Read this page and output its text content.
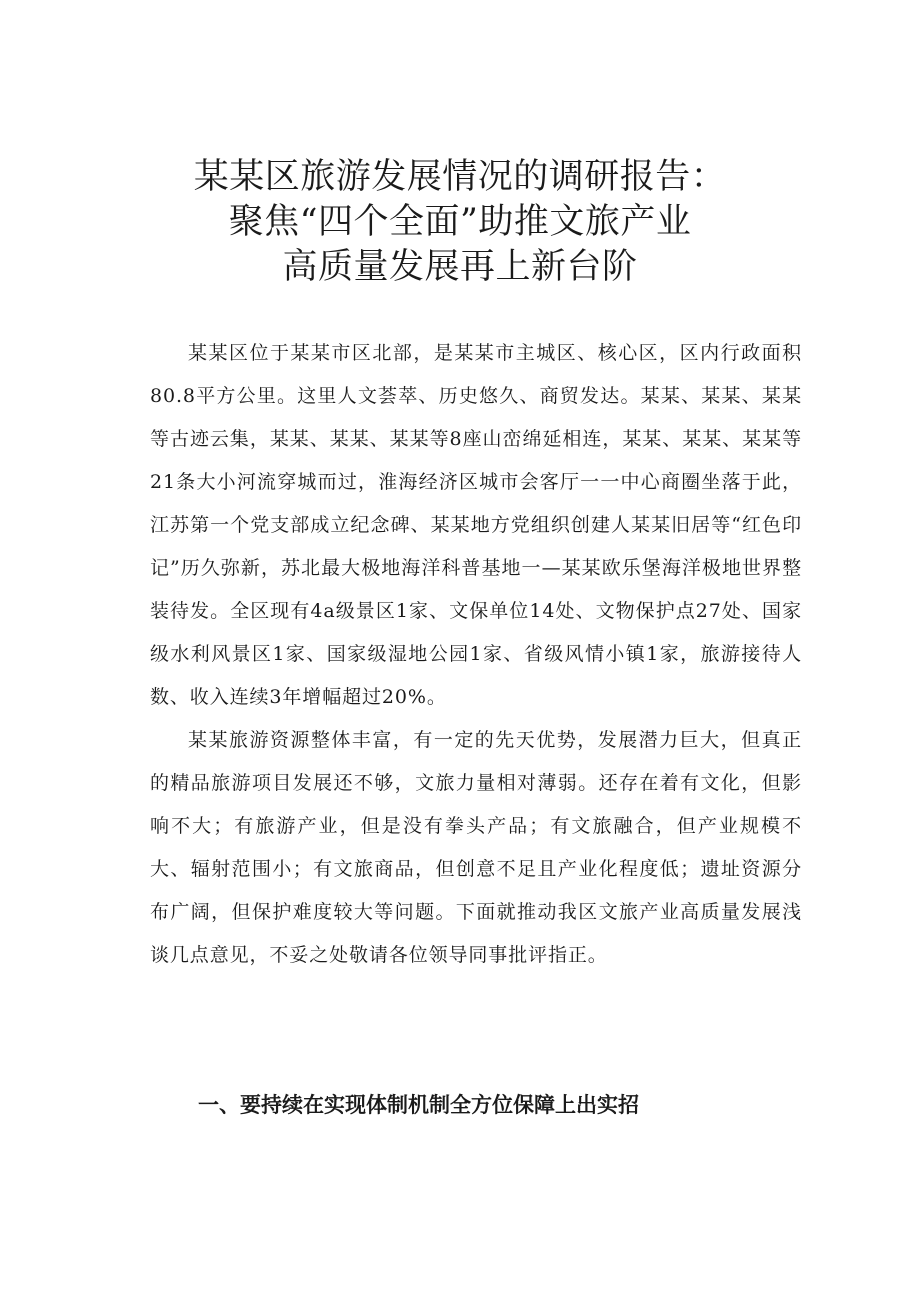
某某区旅游发展情况的调研报告：
聚焦“四个全面”助推文旅产业
高质量发展再上新台阶

某某区位于某某市区北部，是某某市主城区、核心区，区内行政面积80.8平方公里。这里人文荟萃、历史悠久、商贸发达。某某、某某、某某等古迹云集，某某、某某、某某等8座山峦绵延相连，某某、某某、某某等21条大小河流穿城而过，淮海经济区城市会客厅一一中心商圈坐落于此，江苏第一个党支部成立纪念碑、某某地方党组织创建人某某旧居等“红色印记”历久弥新，苏北最大极地海洋科普基地一—某某欧乐堡海洋极地世界整装待发。全区现有4a级景区1家、文保单位14处、文物保护点27处、国家级水利风景区1家、国家级湿地公园1家、省级风情小镇1家，旅游接待人数、收入连续3年增幅超过20%。

某某旅游资源整体丰富，有一定的先天优势，发展潜力巨大，但真正的精品旅游项目发展还不够，文旅力量相对薄弱。还存在着有文化，但影响不大；有旅游产业，但是没有拳头产品；有文旅融合，但产业规模不大、辐射范围小；有文旅商品，但创意不足且产业化程度低；遗址资源分布广阔，但保护难度较大等问题。下面就推动我区文旅产业高质量发展浅谈几点意见，不妥之处敬请各位领导同事批评指正。

一、要持续在实现体制机制全方位保障上出实招
